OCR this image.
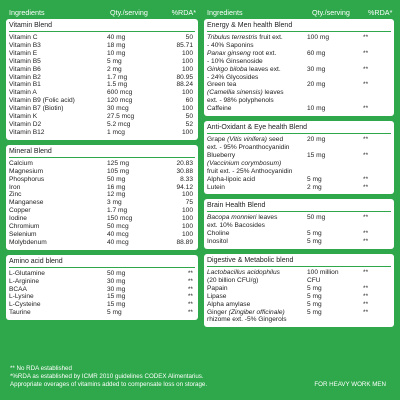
Ingredients	Qty./serving	%RDA*
Vitamin Blend
Vitamin C	40 mg	50
Vitamin B3	18 mg	85.71
Vitamin E	10 mg	100
Vitamin B5	5 mg	100
Vitamin B6	2 mg	100
Vitamin B2	1.7 mg	80.95
Vitamin B1	1.5 mg	88.24
Vitamin A	600 mcg	100
Vitamin B9 (Folic acid)	120 mcg	60
Vitamin B7 (Biotin)	30 mcg	100
Vitamin K	27.5 mcg	50
Vitamin D2	5.2 mcg	52
Vitamin B12	1 mcg	100
Mineral Blend
Calcium	125 mg	20.83
Magnesium	105 mg	30.88
Phosphorus	50 mg	8.33
Iron	16 mg	94.12
Zinc	12 mg	100
Manganese	3 mg	75
Copper	1.7 mg	100
Iodine	150 mcg	100
Chromium	50 mcg	100
Selenium	40 mcg	100
Molybdenum	40 mcg	88.89
Amino acid blend
L-Glutamine	50 mg	**
L-Arginine	30 mg	**
BCAA	30 mg	**
L-Lysine	15 mg	**
L-Cysteine	15 mg	**
Taurine	5 mg	**
Ingredients	Qty./serving	%RDA*
Energy & Men health Blend
Tribulus terrestris fruit ext.	100 mg	**
- 40% Saponins
Panax ginseng root ext.	60 mg	**
- 10% Ginsenoside
Ginkgo biloba leaves ext.	30 mg	**
- 24% Glycosides
Green tea	20 mg	**
(Camellia sinensis) leaves
ext. - 98% polyphenols
Caffeine	10 mg	**
Anti-Oxidant & Eye health Blend
Grape (Vitis vinifera) seed	20 mg	**
ext. - 95% Proanthocyanidin
Blueberry	15 mg	**
(Vaccinium corymbosum)
fruit ext. - 25% Anthocyanidin
Alpha-lipoic acid	5 mg	**
Lutein	2 mg	**
Brain Health Blend
Bacopa monnieri leaves	50 mg	**
ext. 10% Bacosides
Choline	5 mg	**
Inositol	5 mg	**
Digestive & Metabolic blend
Lactobacillus acidophilus	100 million	**
(20 billion CFU/g)	CFU
Papain	5 mg	**
Lipase	5 mg	**
Alpha amylase	5 mg	**
Ginger (Zingiber officinale)	5 mg	**
rhizome ext. -5% Gingerols
** No RDA established
*%RDA as established by ICMR 2010 guidelines CODEX Alimentarius.
Appropriate overages of vitamins added to compensate loss on storage.	FOR HEAVY WORK MEN
